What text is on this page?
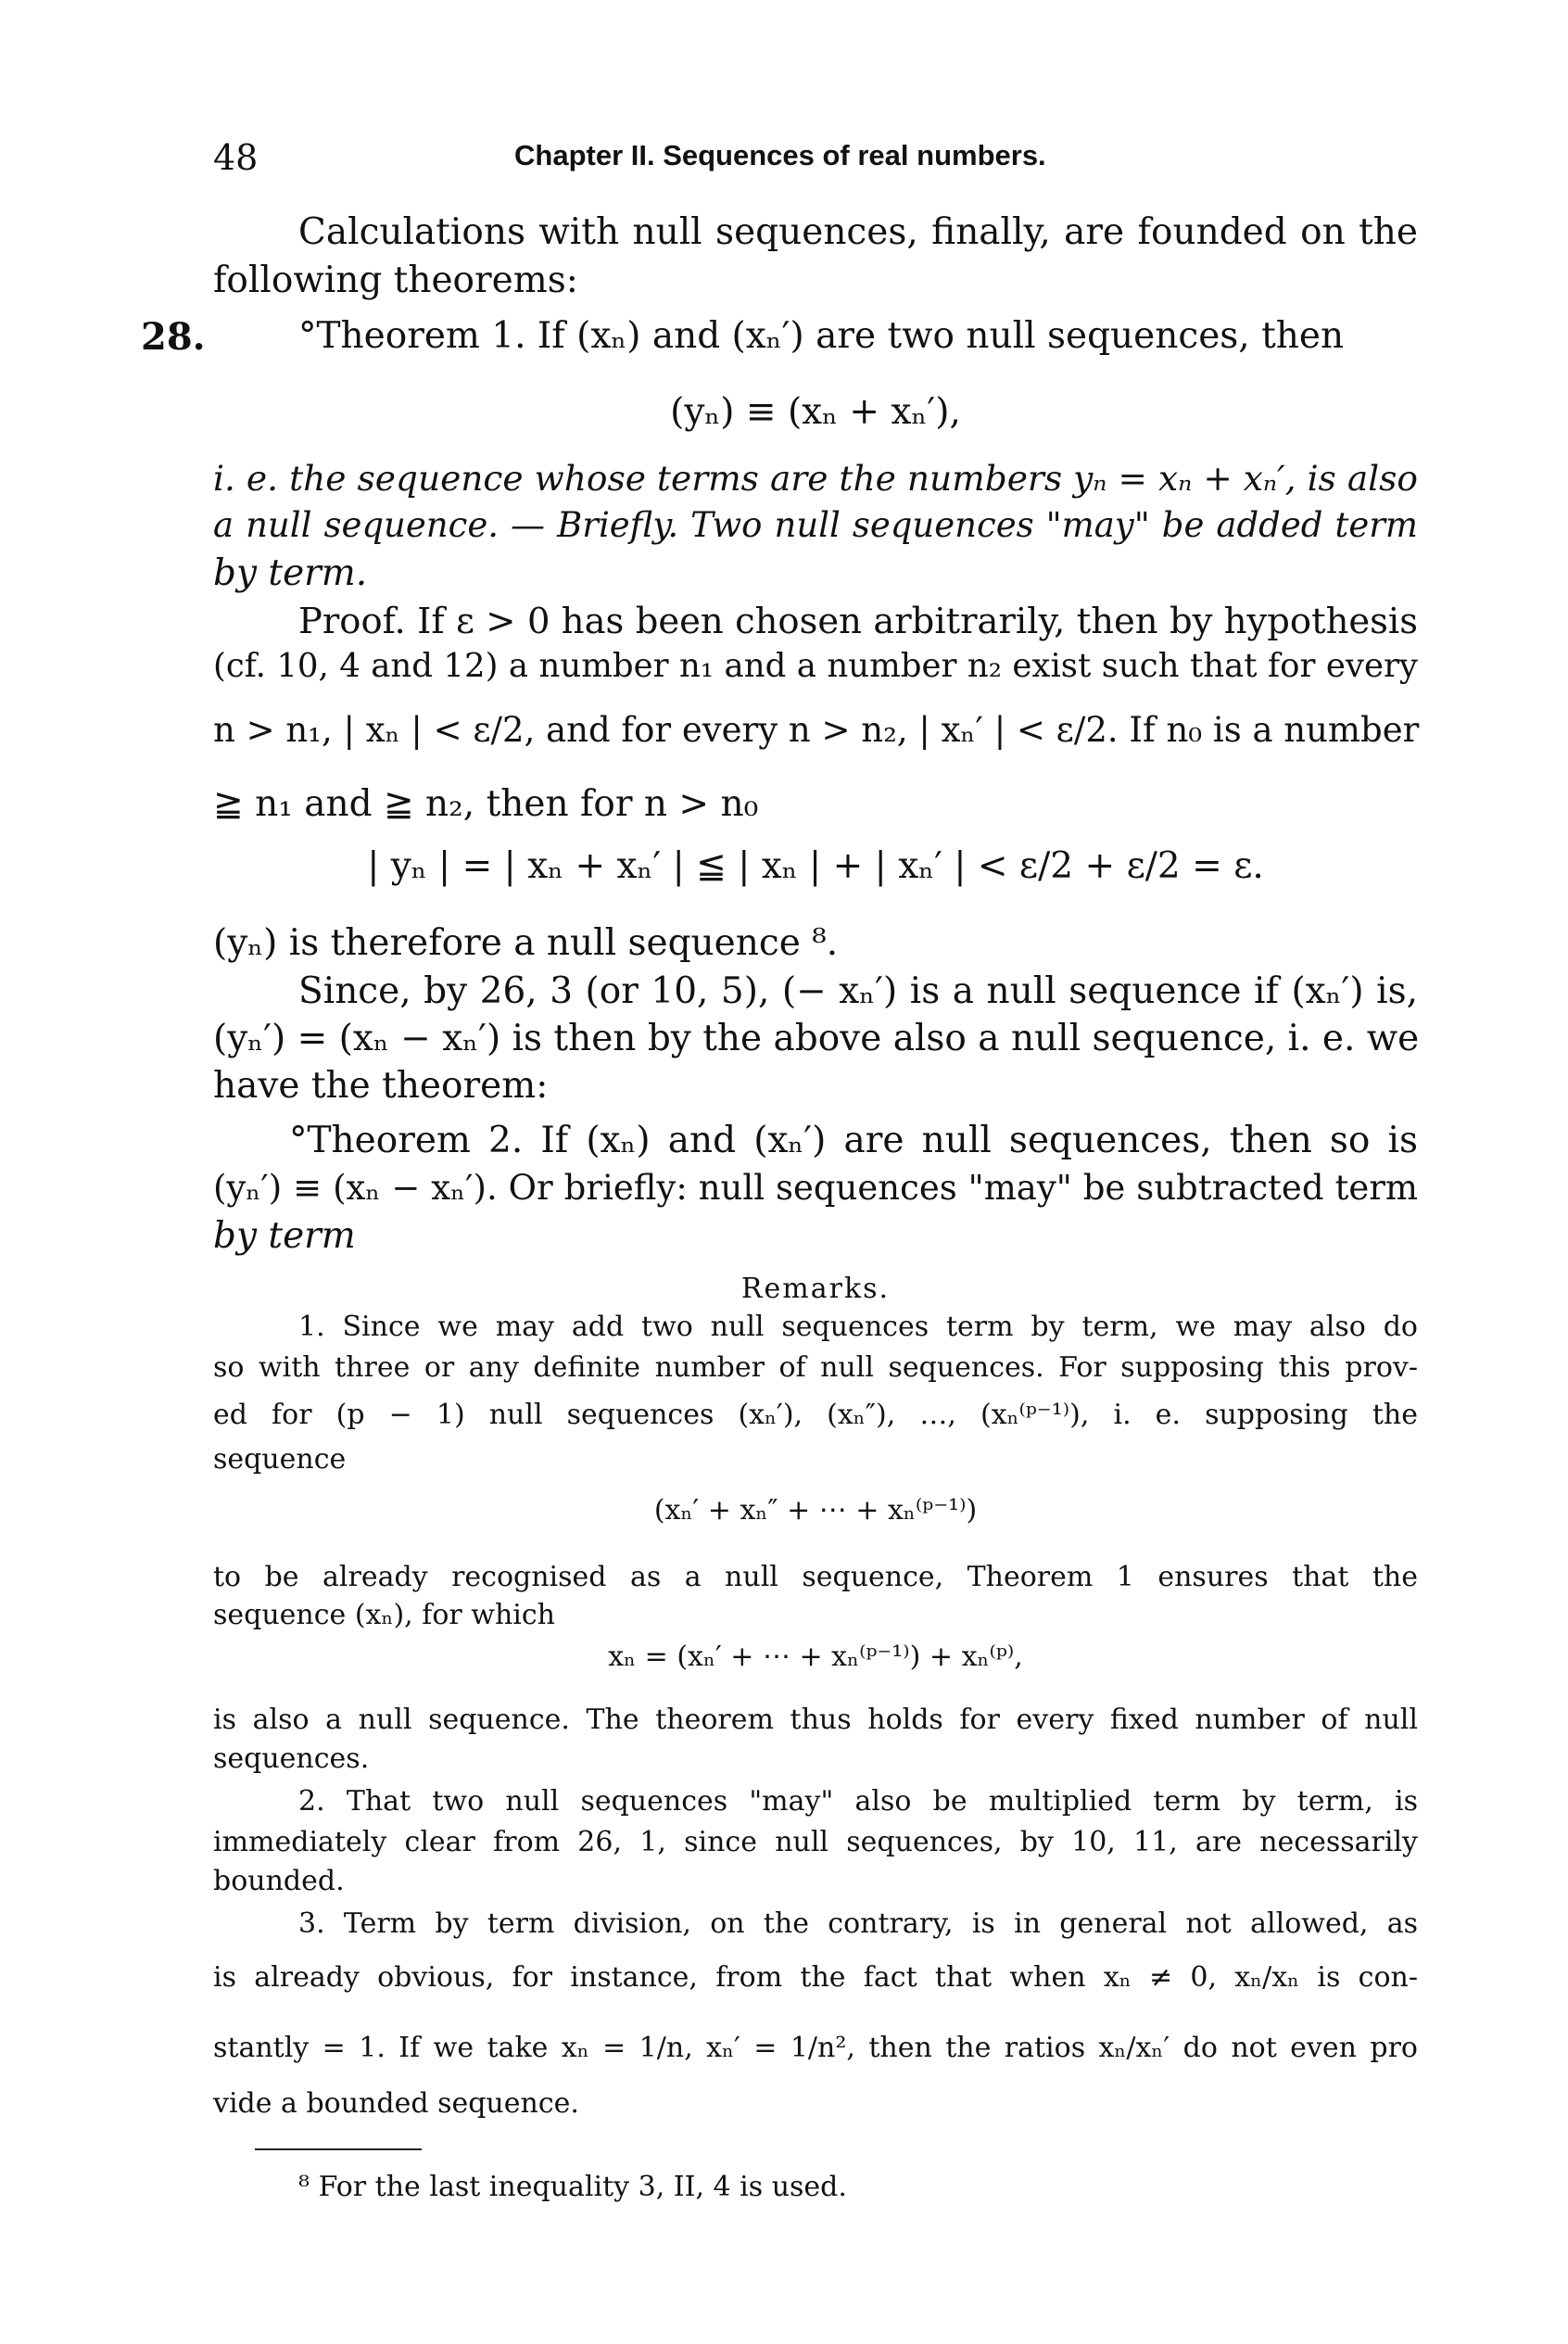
48	Chapter II. Sequences of real numbers.
Calculations with null sequences, finally, are founded on the
following theorems:
28.	°Theorem 1. If (xₙ) and (xₙ′) are two null sequences, then
(yₙ) ≡ (xₙ + xₙ′),
i. e. the sequence whose terms are the numbers yₙ = xₙ + xₙ′, is also
a null sequence. — Briefly. Two null sequences "may" be added term
by term.
Proof. If ε > 0 has been chosen arbitrarily, then by hypothesis
(cf. 10, 4 and 12) a number n₁ and a number n₂ exist such that for every
n > n₁, | xₙ | < ε/2, and for every n > n₂, | xₙ′ | < ε/2. If n₀ is a number
≧ n₁ and ≧ n₂, then for n > n₀
| yₙ | = | xₙ + xₙ′ | ≦ | xₙ | + | xₙ′ | < ε/2 + ε/2 = ε.
(yₙ) is therefore a null sequence ⁸.
Since, by 26, 3 (or 10, 5), (− xₙ′) is a null sequence if (xₙ′) is,
(yₙ′) = (xₙ − xₙ′) is then by the above also a null sequence, i. e. we
have the theorem:
°Theorem 2. If (xₙ) and (xₙ′) are null sequences, then so is
(yₙ′) ≡ (xₙ − xₙ′). Or briefly: null sequences "may" be subtracted term
by term
Remarks.
1. Since we may add two null sequences term by term, we may also do
so with three or any definite number of null sequences. For supposing this prov-
ed for (p − 1) null sequences (xₙ′), (xₙ″), …, (xₙ⁽ᵖ⁻¹⁾), i. e. supposing the
sequence
(xₙ′ + xₙ″ + ⋯ + xₙ⁽ᵖ⁻¹⁾)
to be already recognised as a null sequence, Theorem 1 ensures that the
sequence (xₙ), for which
xₙ = (xₙ′ + ⋯ + xₙ⁽ᵖ⁻¹⁾) + xₙ⁽ᵖ⁾,
is also a null sequence. The theorem thus holds for every fixed number of null
sequences.
2. That two null sequences "may" also be multiplied term by term, is
immediately clear from 26, 1, since null sequences, by 10, 11, are necessarily
bounded.
3. Term by term division, on the contrary, is in general not allowed, as
is already obvious, for instance, from the fact that when xₙ ≠ 0, xₙ/xₙ is con-
stantly = 1. If we take xₙ = 1/n, xₙ′ = 1/n², then the ratios xₙ/xₙ′ do not even pro
vide a bounded sequence.
⁸ For the last inequality 3, II, 4 is used.
